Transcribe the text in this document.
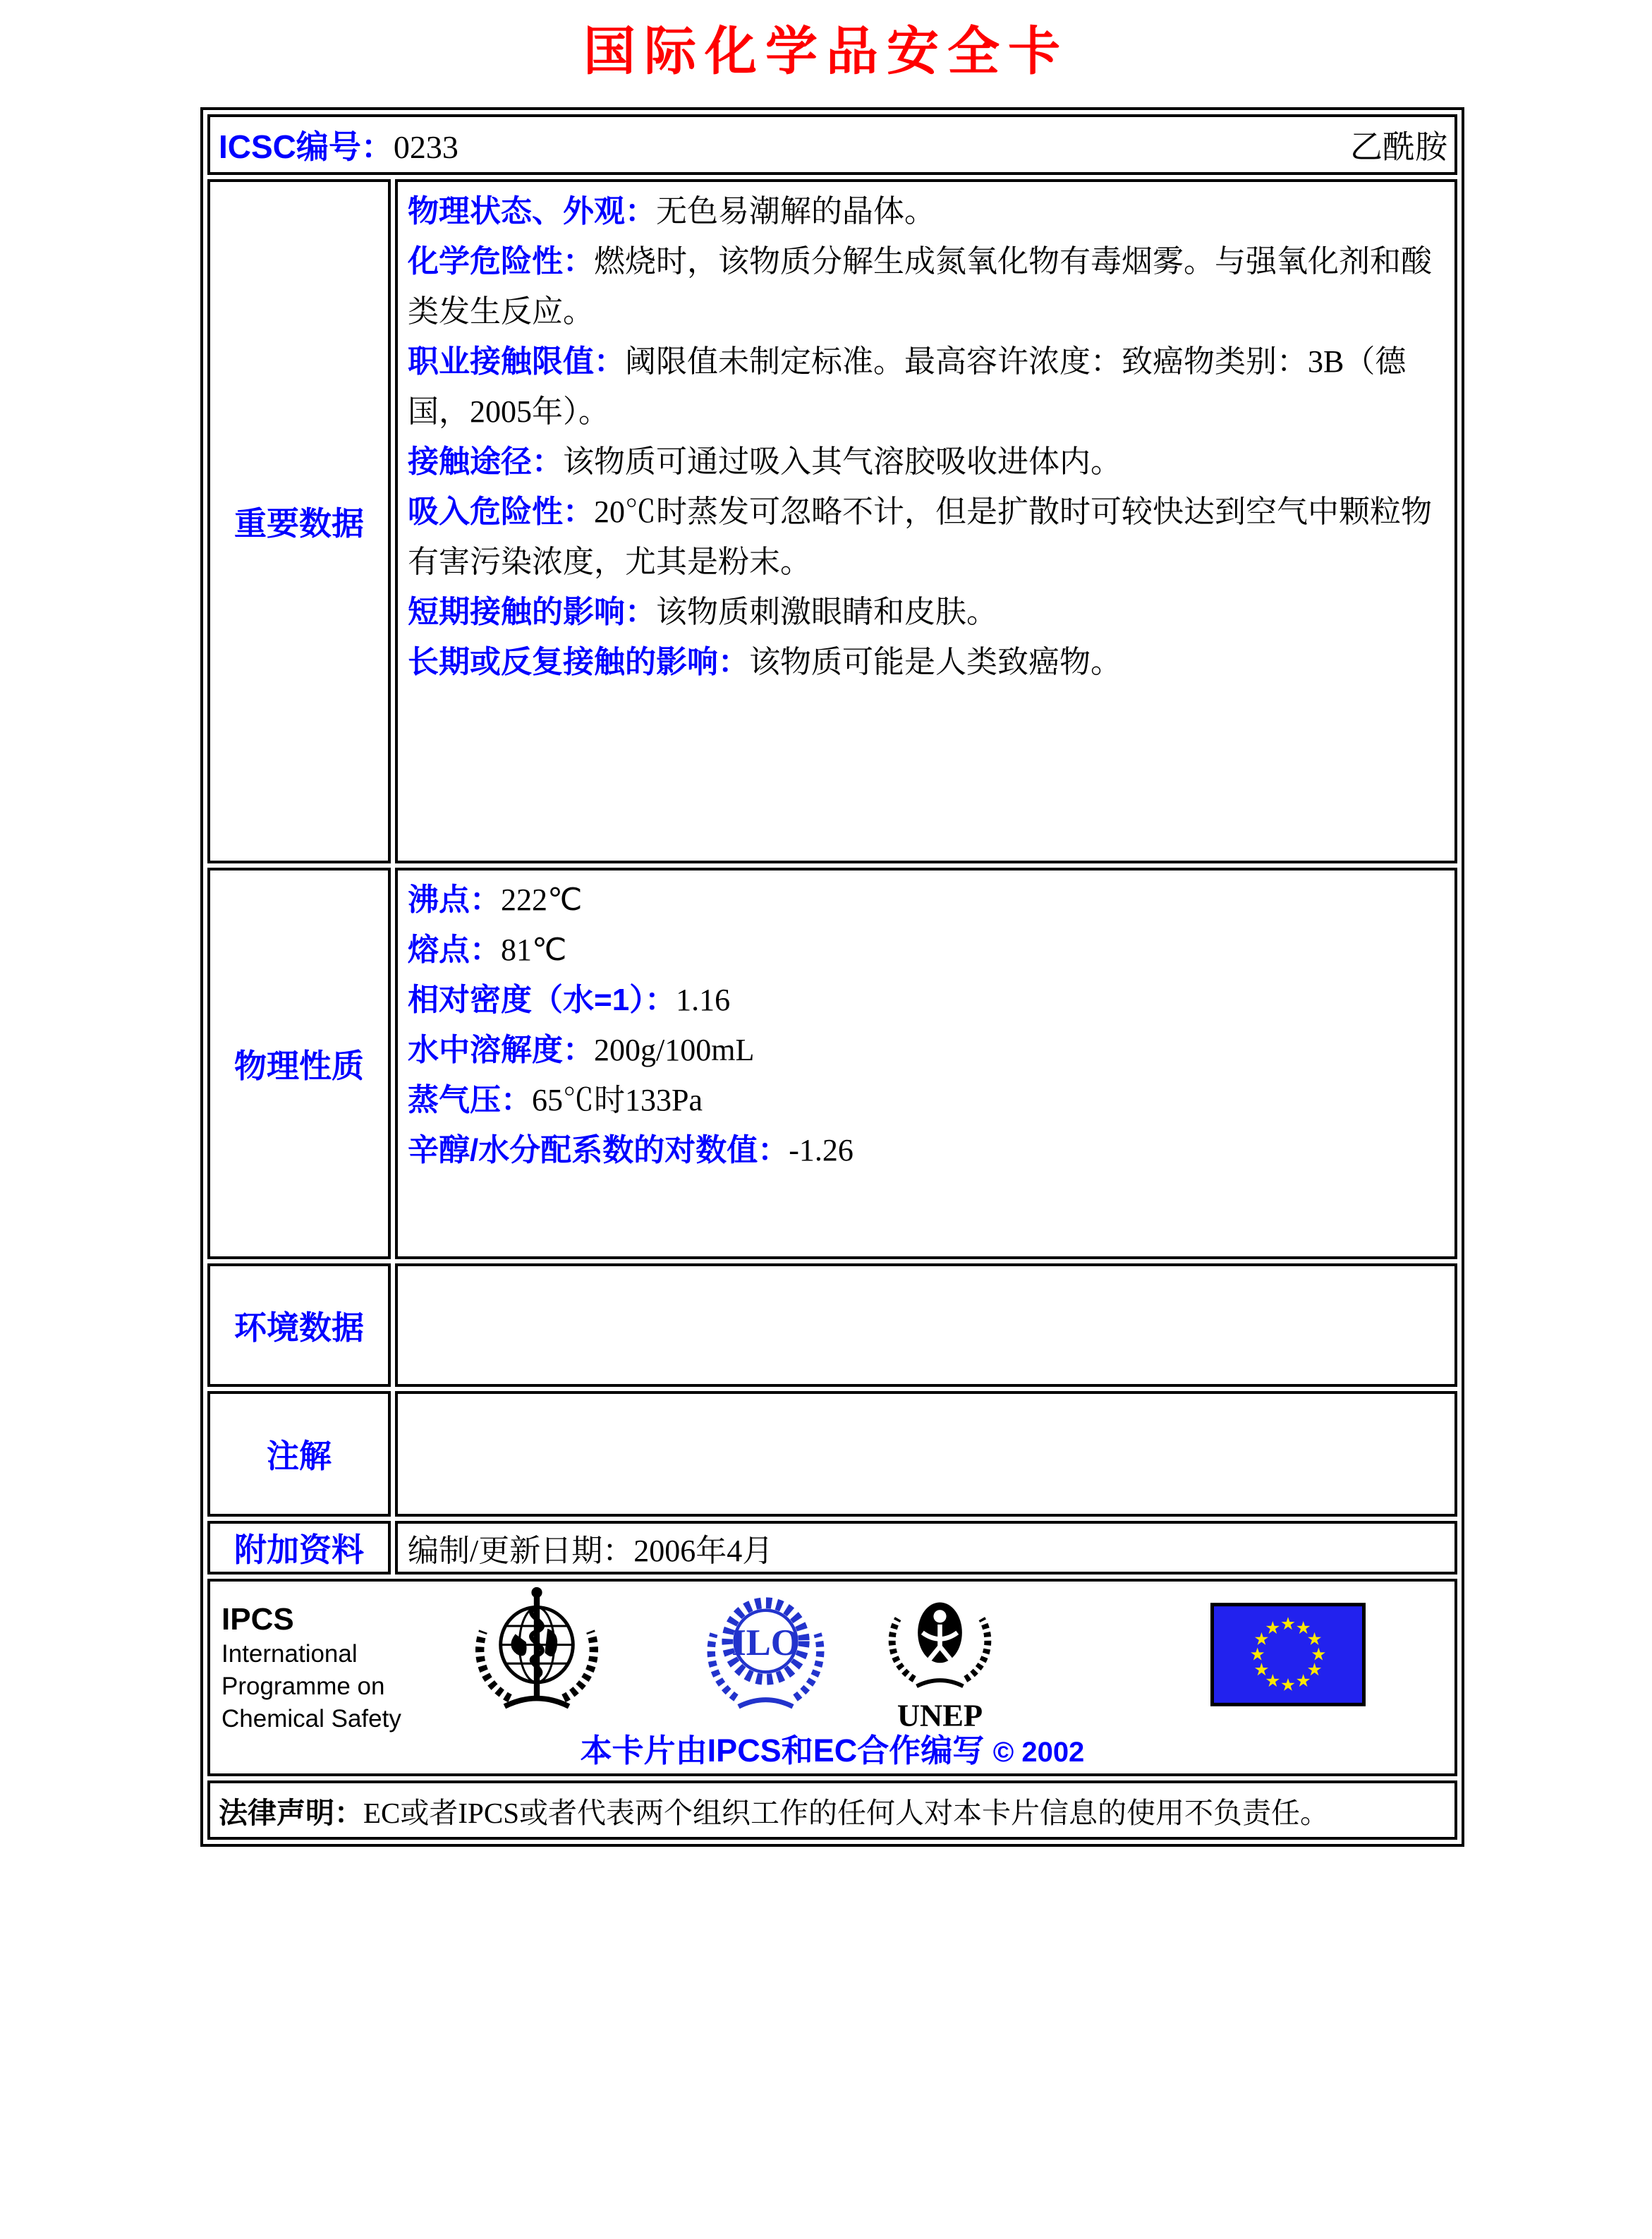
国际化学品安全卡
ICSC编号：0233 乙酰胺	

重要数据	

物理状态、外观：无色易潮解的晶体。

化学危险性：燃烧时，该物质分解生成氮氧化物有毒烟雾。与强氧化剂和酸类发生反应。

职业接触限值：阈限值未制定标准。最高容许浓度：致癌物类别：3B（德国，2005年）。

接触途径：该物质可通过吸入其气溶胶吸收进体内。

吸入危险性：20℃时蒸发可忽略不计，但是扩散时可较快达到空气中颗粒物有害污染浓度，尤其是粉末。

短期接触的影响：该物质刺激眼睛和皮肤。

长期或反复接触的影响：该物质可能是人类致癌物。

物理性质	

沸点：222℃

熔点：81℃

相对密度（水=1）：1.16

水中溶解度：200g/100mL

蒸气压：65℃时133Pa

辛醇/水分配系数的对数值：-1.26

环境数据	
注解	
附加资料	编制/更新日期：2006年4月

IPCS
International
Programme on
Chemical Safety
ILO
UNEP
本卡片由IPCS和EC合作编写 © 2002

法律声明：EC或者IPCS或者代表两个组织工作的任何人对本卡片信息的使用不负责任。	
